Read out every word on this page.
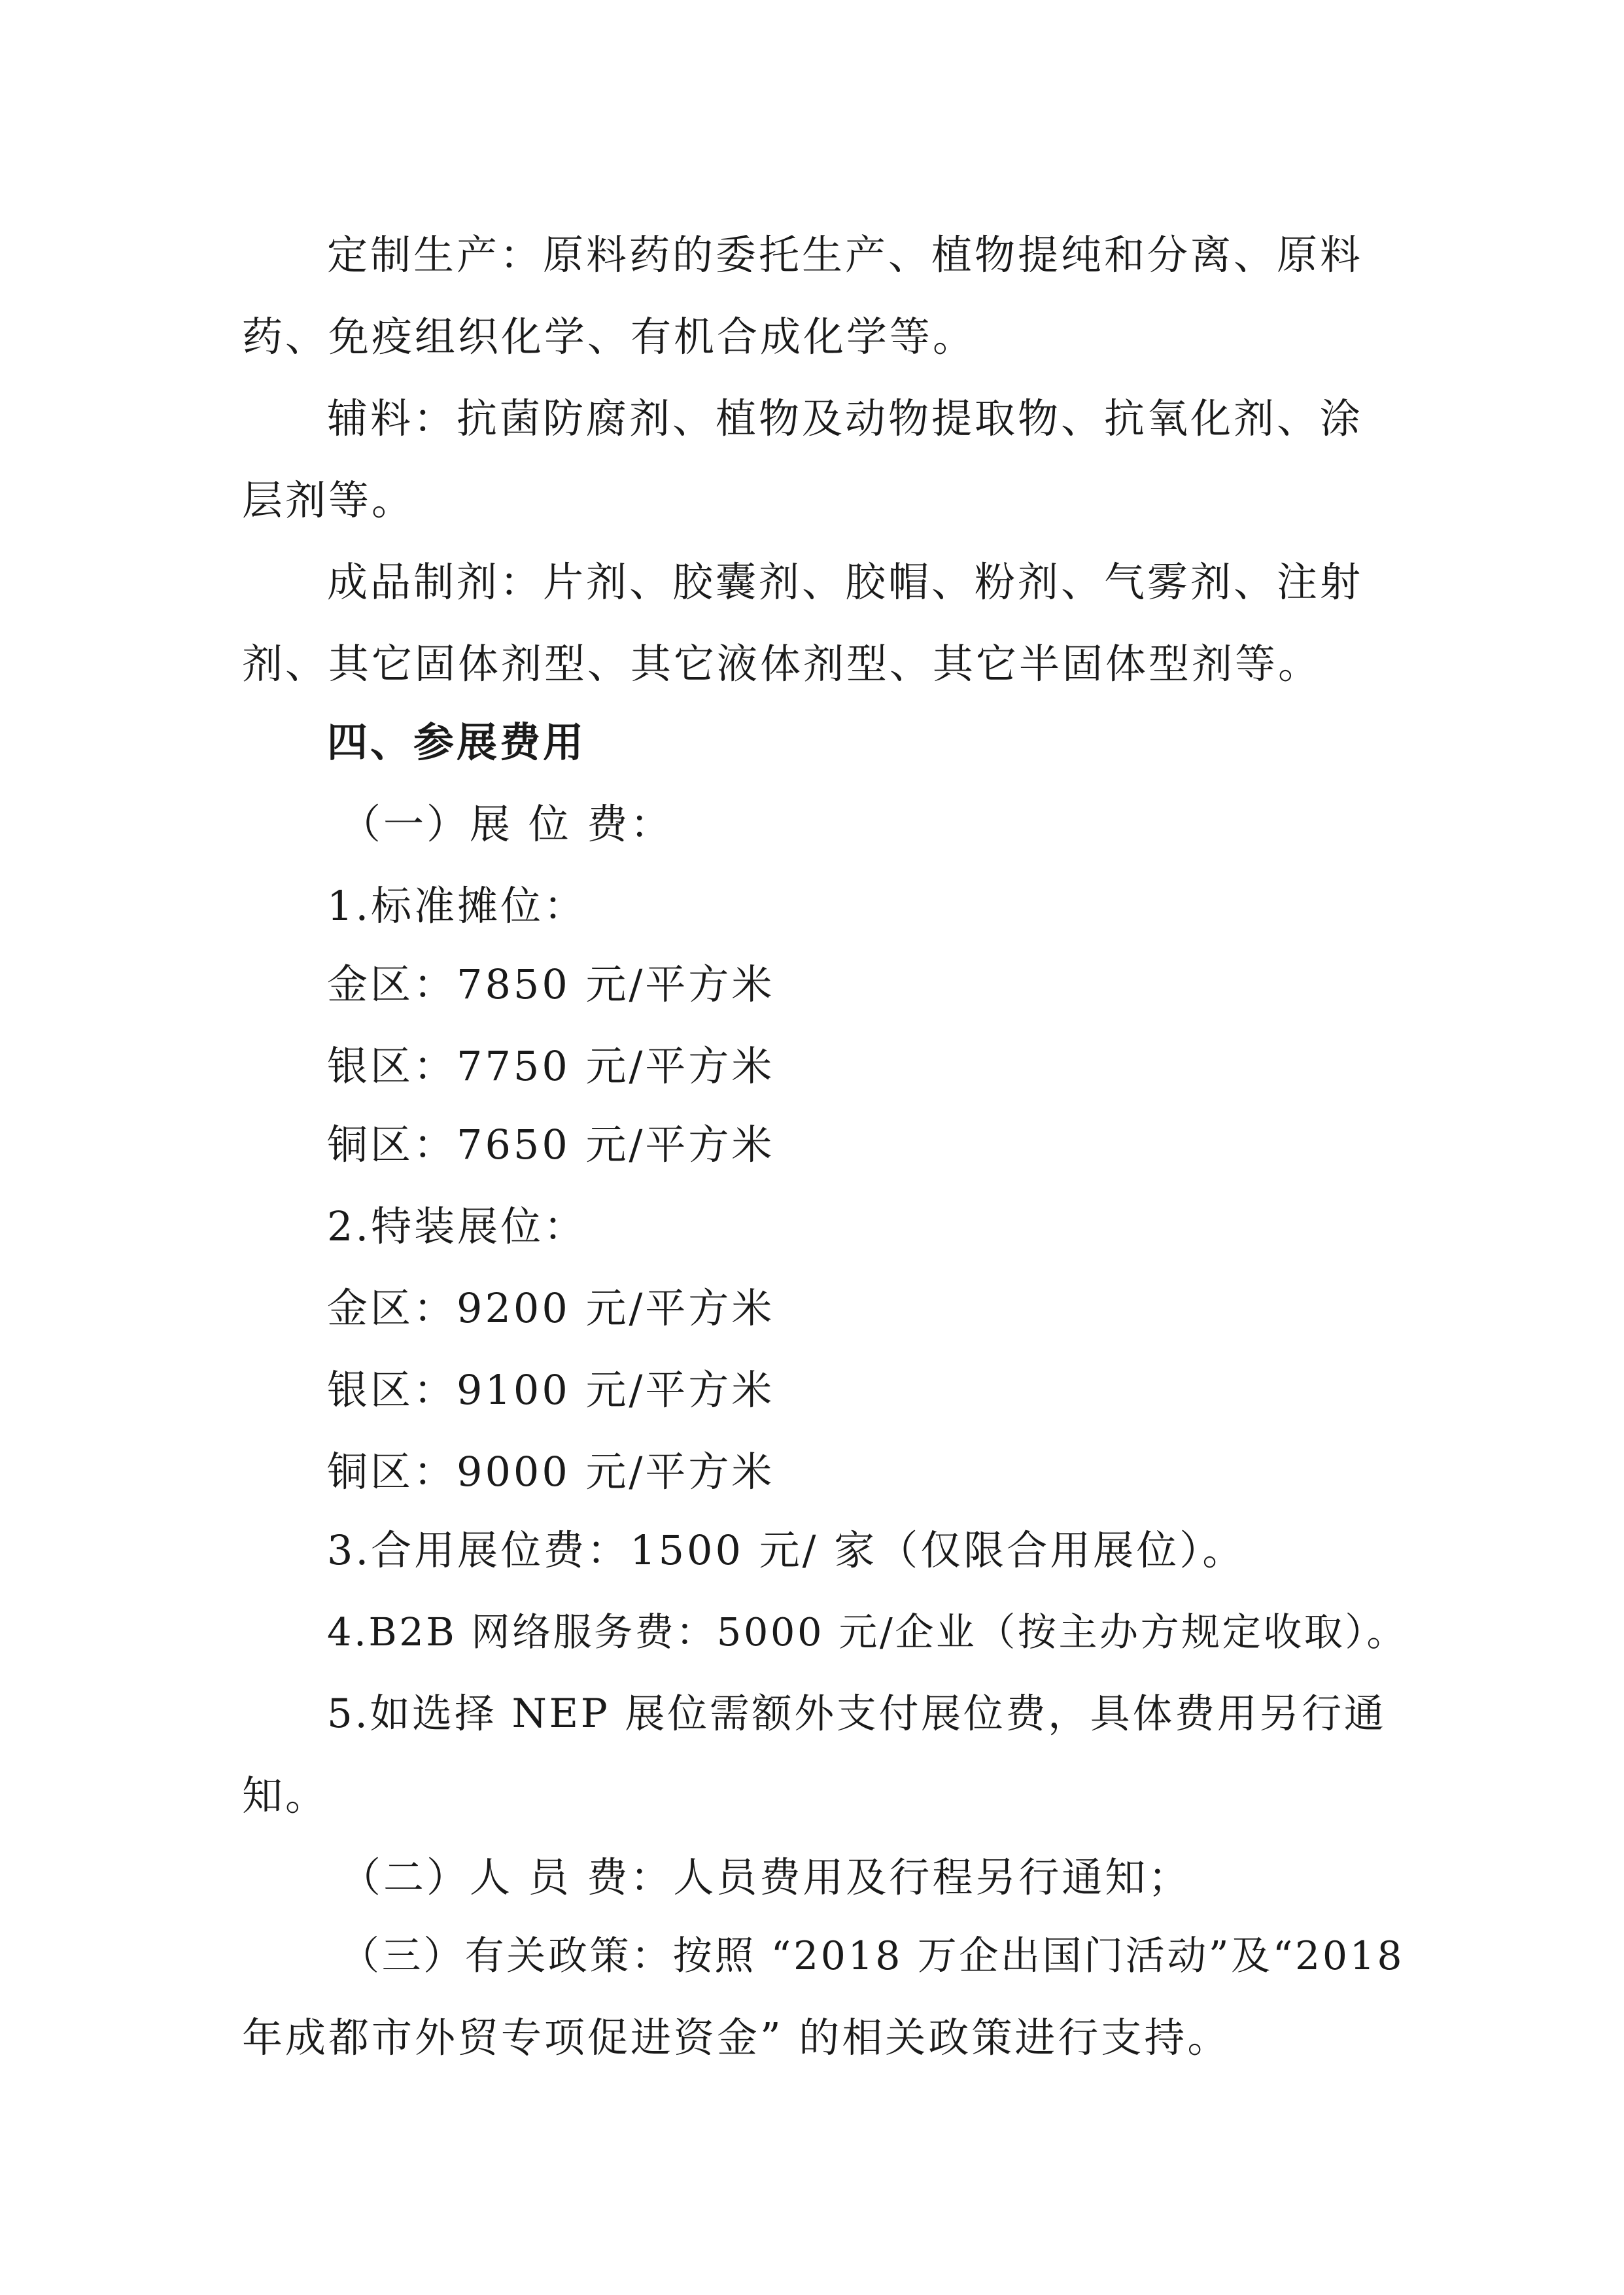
定制生产：原料药的委托生产、植物提纯和分离、原料
药、免疫组织化学、有机合成化学等。
辅料：抗菌防腐剂、植物及动物提取物、抗氧化剂、涂
层剂等。
成品制剂：片剂、胶囊剂、胶帽、粉剂、气雾剂、注射
剂、其它固体剂型、其它液体剂型、其它半固体型剂等。
四、参展费用
（一）展 位 费：
1.标准摊位：
金区：7850 元/平方米
银区：7750 元/平方米
铜区：7650 元/平方米
2.特装展位：
金区：9200 元/平方米
银区：9100 元/平方米
铜区：9000 元/平方米
3.合用展位费：1500 元/ 家（仅限合用展位）。
4.B2B 网络服务费：5000 元/企业（按主办方规定收取）。
5.如选择 NEP 展位需额外支付展位费，具体费用另行通
知。
（二）人 员 费：人员费用及行程另行通知；
（三）有关政策：按照 “2018 万企出国门活动”及“2018
年成都市外贸专项促进资金” 的相关政策进行支持。
